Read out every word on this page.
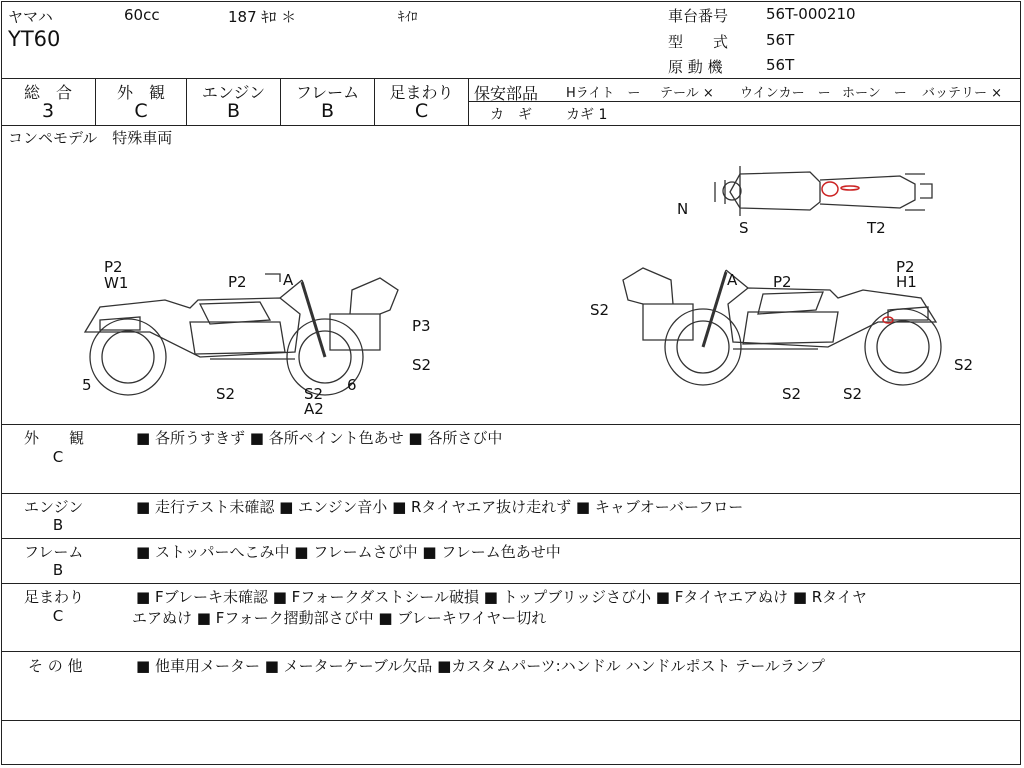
ヤマハ	60cc	187 ｷﾛ ＊	ｷｲﾛ
YT60
車台番号	56T-000210
型　　式	56T
原 動 機	56T
総　合
3
外　観
C
エンジン
B
フレーム
B
足まわり
C
保安部品 Hライト　ー テール × ウインカー　ー ホーン　ー バッテリー ×
カ　ギ カギ 1
コンペモデル　特殊車両
P2
W1	P2 A
P3
S2
5	S2	S2
A2
6
N
S	T2
S2
A P2
P2
H1
S2
S2	S2
外　　観
C
■ 各所うすきず ■ 各所ペイント色あせ ■ 各所さび中
エンジン
B
■ 走行テスト未確認 ■ エンジン音小 ■ Rタイヤエア抜け走れず ■ キャブオーバーフロー
フレーム
B
■ ストッパーへこみ中 ■ フレームさび中 ■ フレーム色あせ中
足まわり
C
■ Fブレーキ未確認 ■ Fフォークダストシール破損 ■ トップブリッジさび小 ■ Fタイヤエアぬけ ■ Rタイヤ
エアぬけ ■ Fフォーク摺動部さび中 ■ ブレーキワイヤー切れ
そ の 他	■ 他車用メーター ■ メーターケーブル欠品 ■カスタムパーツ:ハンドル ハンドルポスト テールランプ
